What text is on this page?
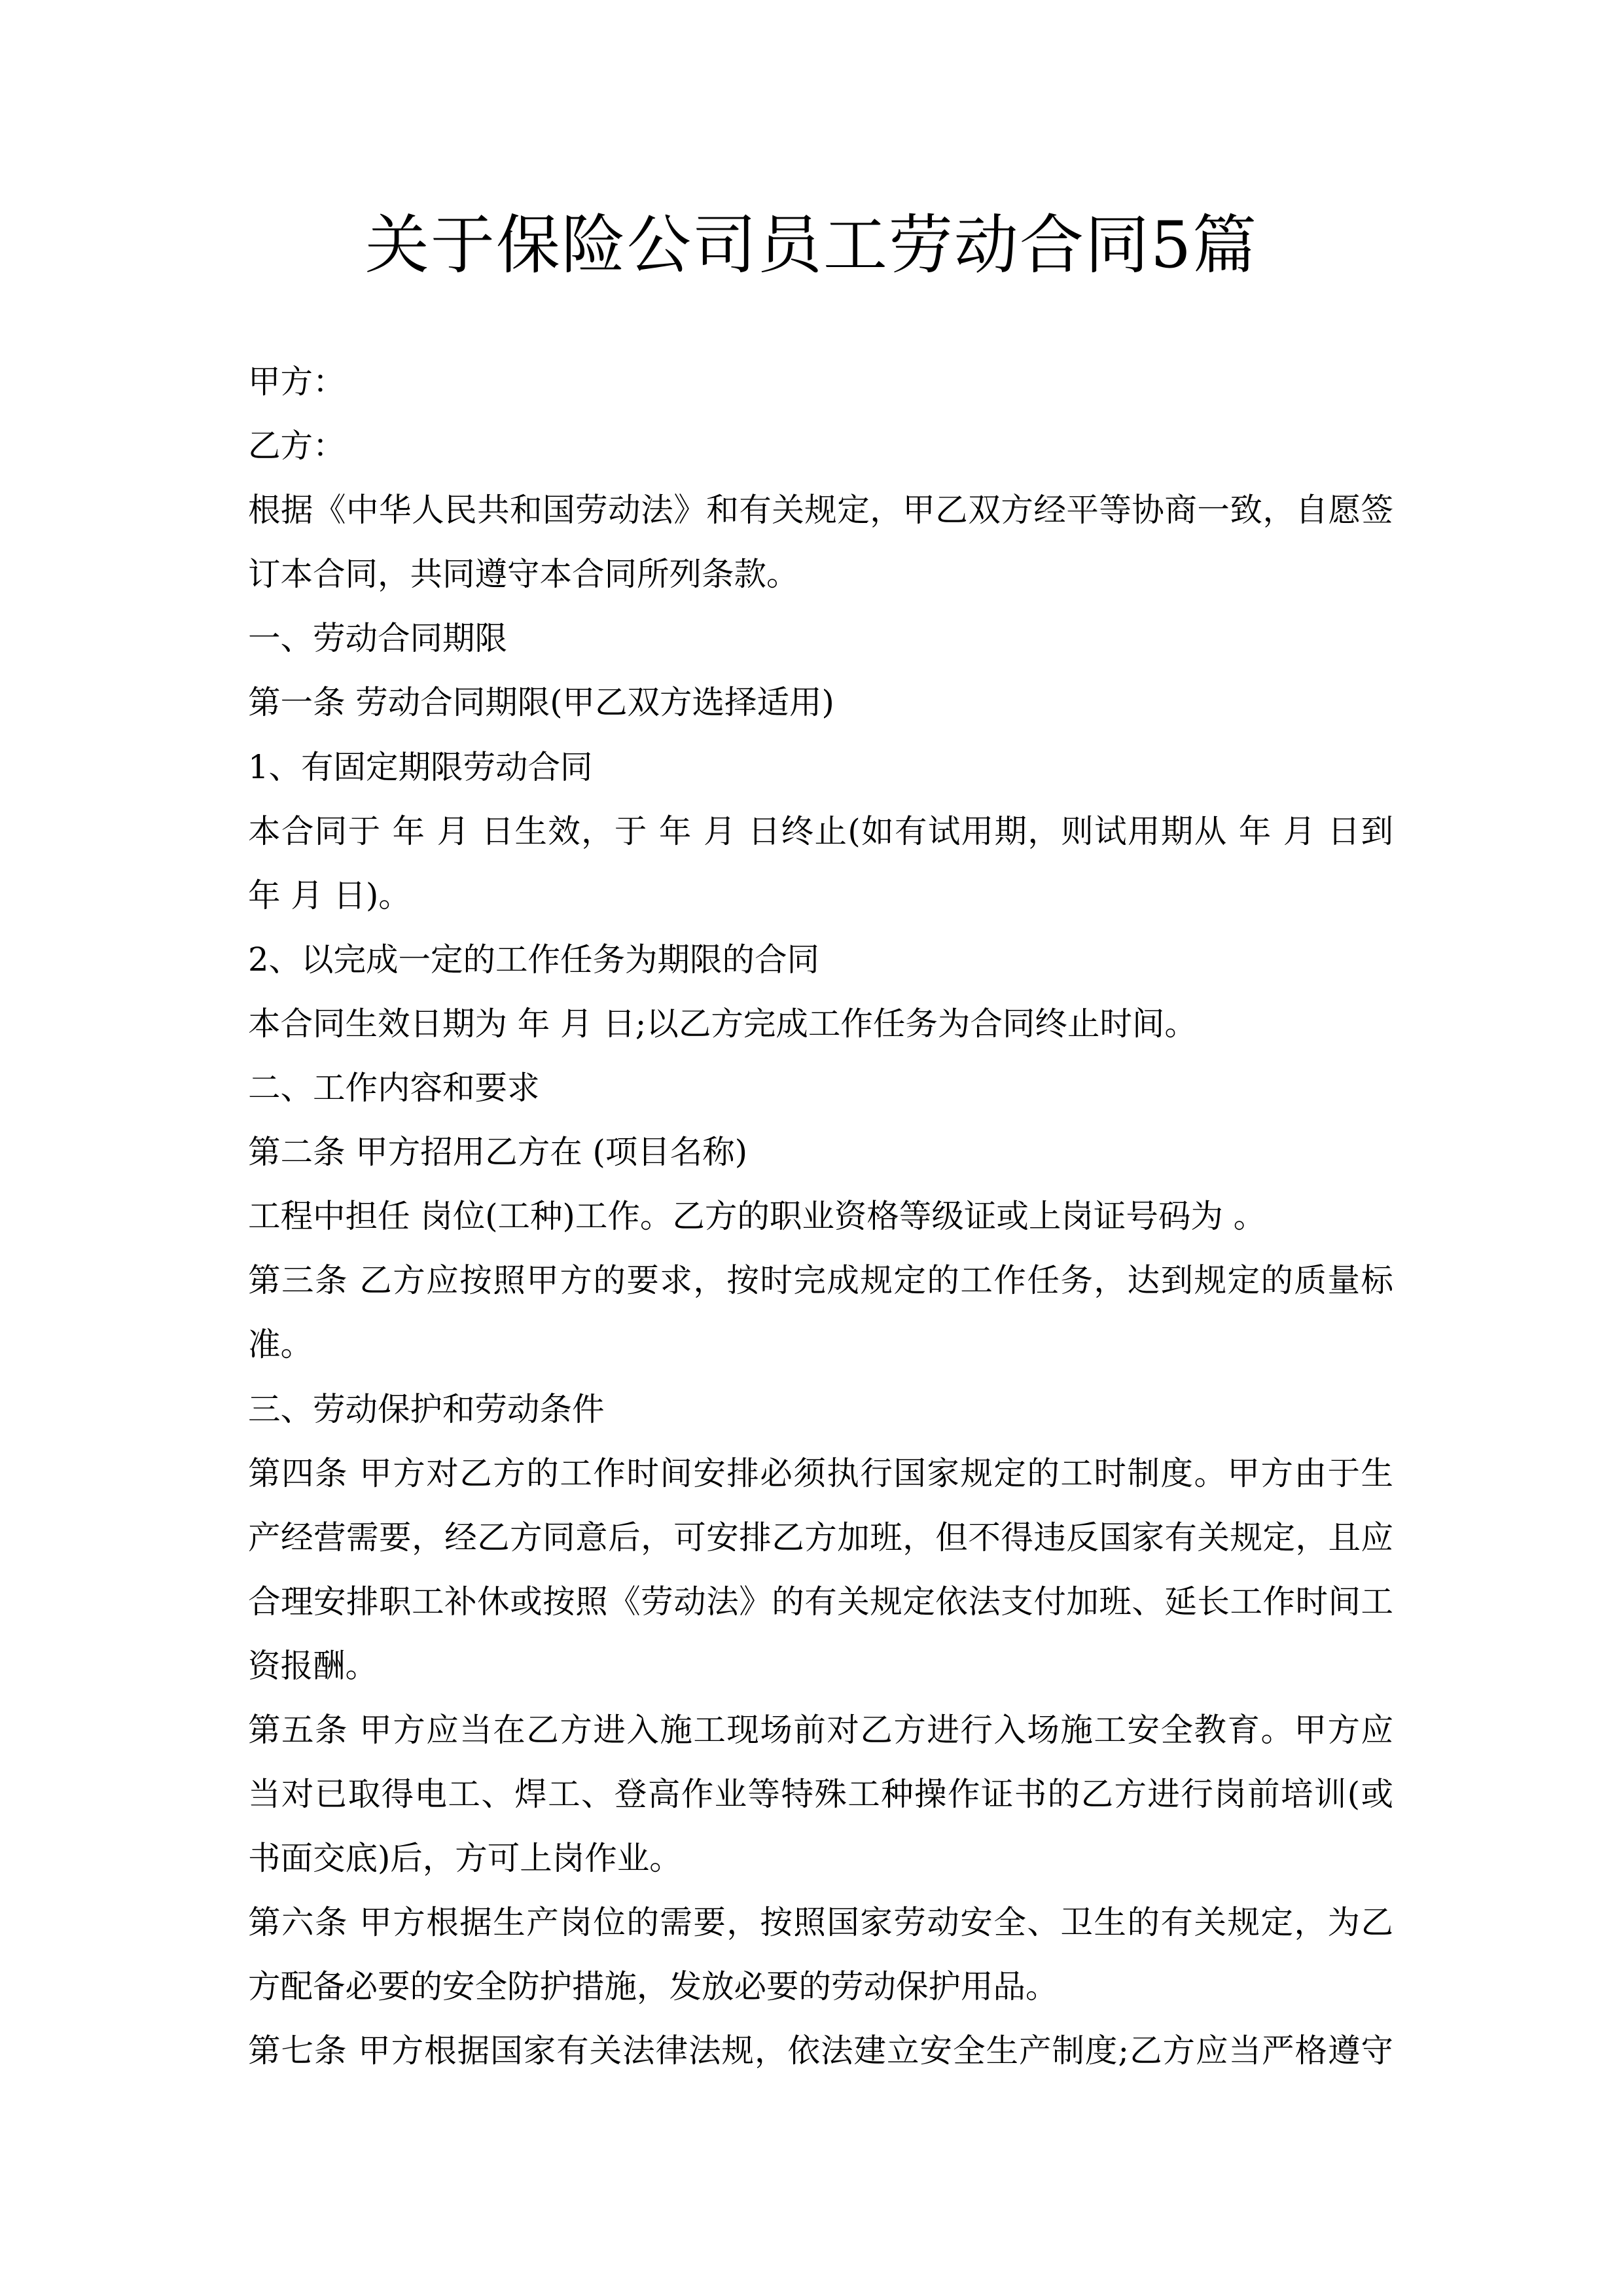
关于保险公司员工劳动合同5篇
甲方：
乙方：
根据《中华人民共和国劳动法》和有关规定，甲乙双方经平等协商一致，自愿签
订本合同，共同遵守本合同所列条款。
一、劳动合同期限
第一条 劳动合同期限(甲乙双方选择适用)
1、有固定期限劳动合同
本合同于 年 月 日生效，于 年 月 日终止(如有试用期，则试用期从 年 月 日到
年 月 日)。
2、以完成一定的工作任务为期限的合同
本合同生效日期为 年 月 日;以乙方完成工作任务为合同终止时间。
二、工作内容和要求
第二条 甲方招用乙方在 (项目名称)
工程中担任 岗位(工种)工作。乙方的职业资格等级证或上岗证号码为 。
第三条 乙方应按照甲方的要求，按时完成规定的工作任务，达到规定的质量标
准。
三、劳动保护和劳动条件
第四条 甲方对乙方的工作时间安排必须执行国家规定的工时制度。甲方由于生
产经营需要，经乙方同意后，可安排乙方加班，但不得违反国家有关规定，且应
合理安排职工补休或按照《劳动法》的有关规定依法支付加班、延长工作时间工
资报酬。
第五条 甲方应当在乙方进入施工现场前对乙方进行入场施工安全教育。甲方应
当对已取得电工、焊工、登高作业等特殊工种操作证书的乙方进行岗前培训(或
书面交底)后，方可上岗作业。
第六条 甲方根据生产岗位的需要，按照国家劳动安全、卫生的有关规定，为乙
方配备必要的安全防护措施，发放必要的劳动保护用品。
第七条 甲方根据国家有关法律法规，依法建立安全生产制度;乙方应当严格遵守
